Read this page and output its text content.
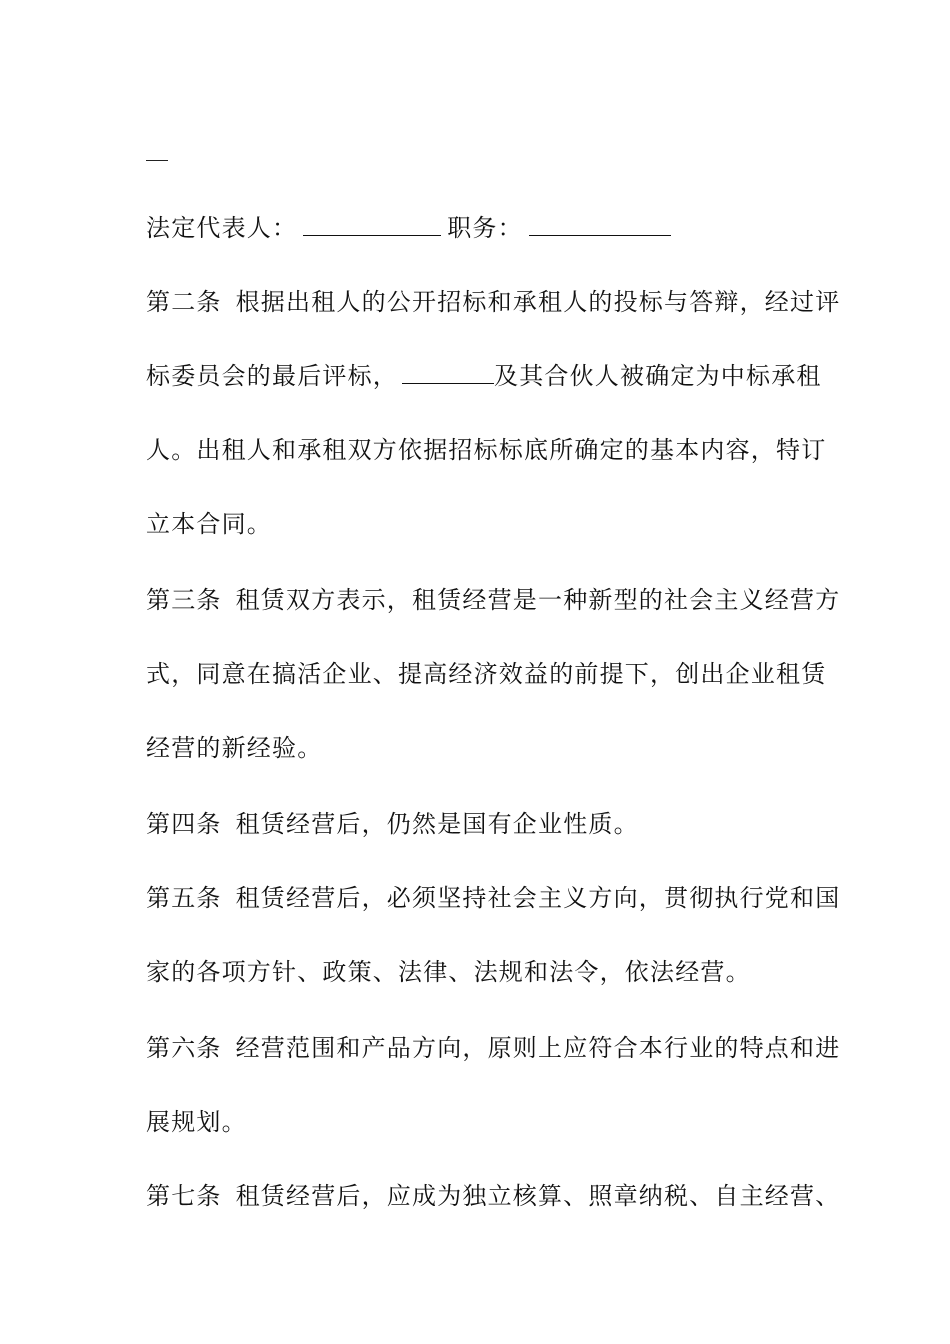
法定代表人：	职务：
第二条 根据出租人的公开招标和承租人的投标与答辩，经过评
标委员会的最后评标，	及其合伙人被确定为中标承租
人。出租人和承租双方依据招标标底所确定的基本内容，特订
立本合同。
第三条 租赁双方表示，租赁经营是一种新型的社会主义经营方
式，同意在搞活企业、提高经济效益的前提下，创出企业租赁
经营的新经验。
第四条 租赁经营后，仍然是国有企业性质。
第五条 租赁经营后，必须坚持社会主义方向，贯彻执行党和国
家的各项方针、政策、法律、法规和法令，依法经营。
第六条 经营范围和产品方向，原则上应符合本行业的特点和进
展规划。
第七条 租赁经营后，应成为独立核算、照章纳税、自主经营、
